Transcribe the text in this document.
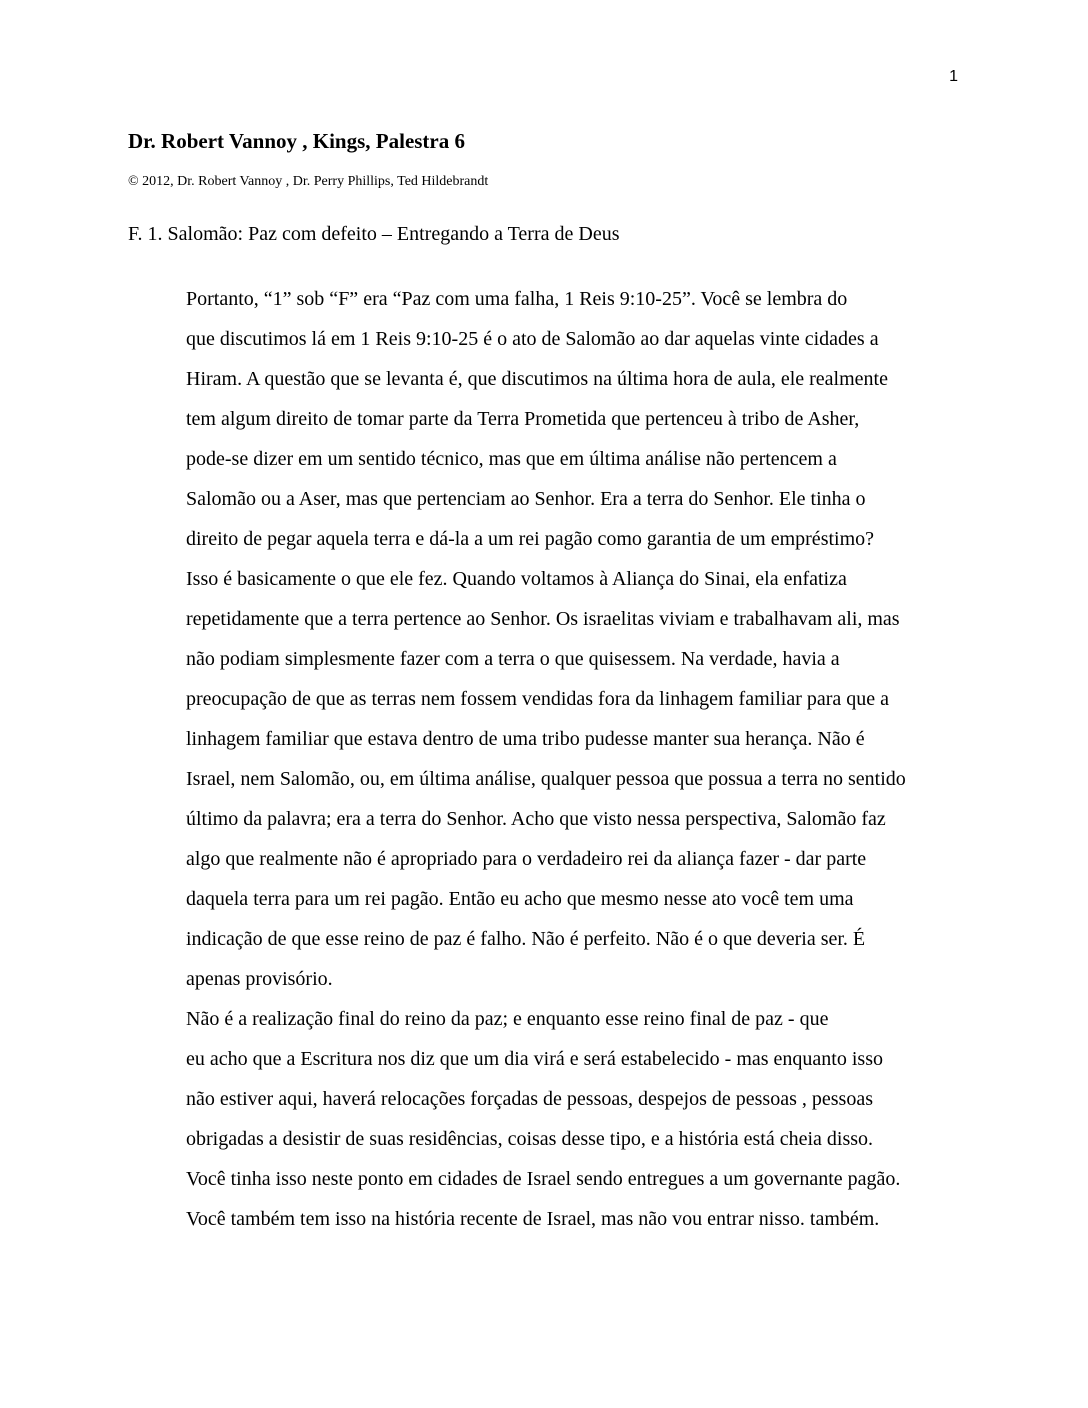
1
Dr. Robert Vannoy , Kings, Palestra 6
© 2012, Dr. Robert Vannoy , Dr. Perry Phillips, Ted Hildebrandt
F. 1. Salomão: Paz com defeito – Entregando a Terra de Deus

Portanto, “1” sob “F” era “Paz com uma falha, 1 Reis 9:10-25”. Você se lembra do
que discutimos lá em 1 Reis 9:10-25 é o ato de Salomão ao dar aquelas vinte cidades a
Hiram. A questão que se levanta é, que discutimos na última hora de aula, ele realmente
tem algum direito de tomar parte da Terra Prometida que pertenceu à tribo de Asher,
pode-se dizer em um sentido técnico, mas que em última análise não pertencem a
Salomão ou a Aser, mas que pertenciam ao Senhor. Era a terra do Senhor. Ele tinha o
direito de pegar aquela terra e dá-la a um rei pagão como garantia de um empréstimo?
Isso é basicamente o que ele fez. Quando voltamos à Aliança do Sinai, ela enfatiza
repetidamente que a terra pertence ao Senhor. Os israelitas viviam e trabalhavam ali, mas
não podiam simplesmente fazer com a terra o que quisessem. Na verdade, havia a
preocupação de que as terras nem fossem vendidas fora da linhagem familiar para que a
linhagem familiar que estava dentro de uma tribo pudesse manter sua herança. Não é
Israel, nem Salomão, ou, em última análise, qualquer pessoa que possua a terra no sentido
último da palavra; era a terra do Senhor. Acho que visto nessa perspectiva, Salomão faz
algo que realmente não é apropriado para o verdadeiro rei da aliança fazer - dar parte
daquela terra para um rei pagão. Então eu acho que mesmo nesse ato você tem uma
indicação de que esse reino de paz é falho. Não é perfeito. Não é o que deveria ser. É
apenas provisório.

Não é a realização final do reino da paz; e enquanto esse reino final de paz - que
eu acho que a Escritura nos diz que um dia virá e será estabelecido - mas enquanto isso
não estiver aqui, haverá relocações forçadas de pessoas, despejos de pessoas , pessoas
obrigadas a desistir de suas residências, coisas desse tipo, e a história está cheia disso.
Você tinha isso neste ponto em cidades de Israel sendo entregues a um governante pagão.
Você também tem isso na história recente de Israel, mas não vou entrar nisso. também.
